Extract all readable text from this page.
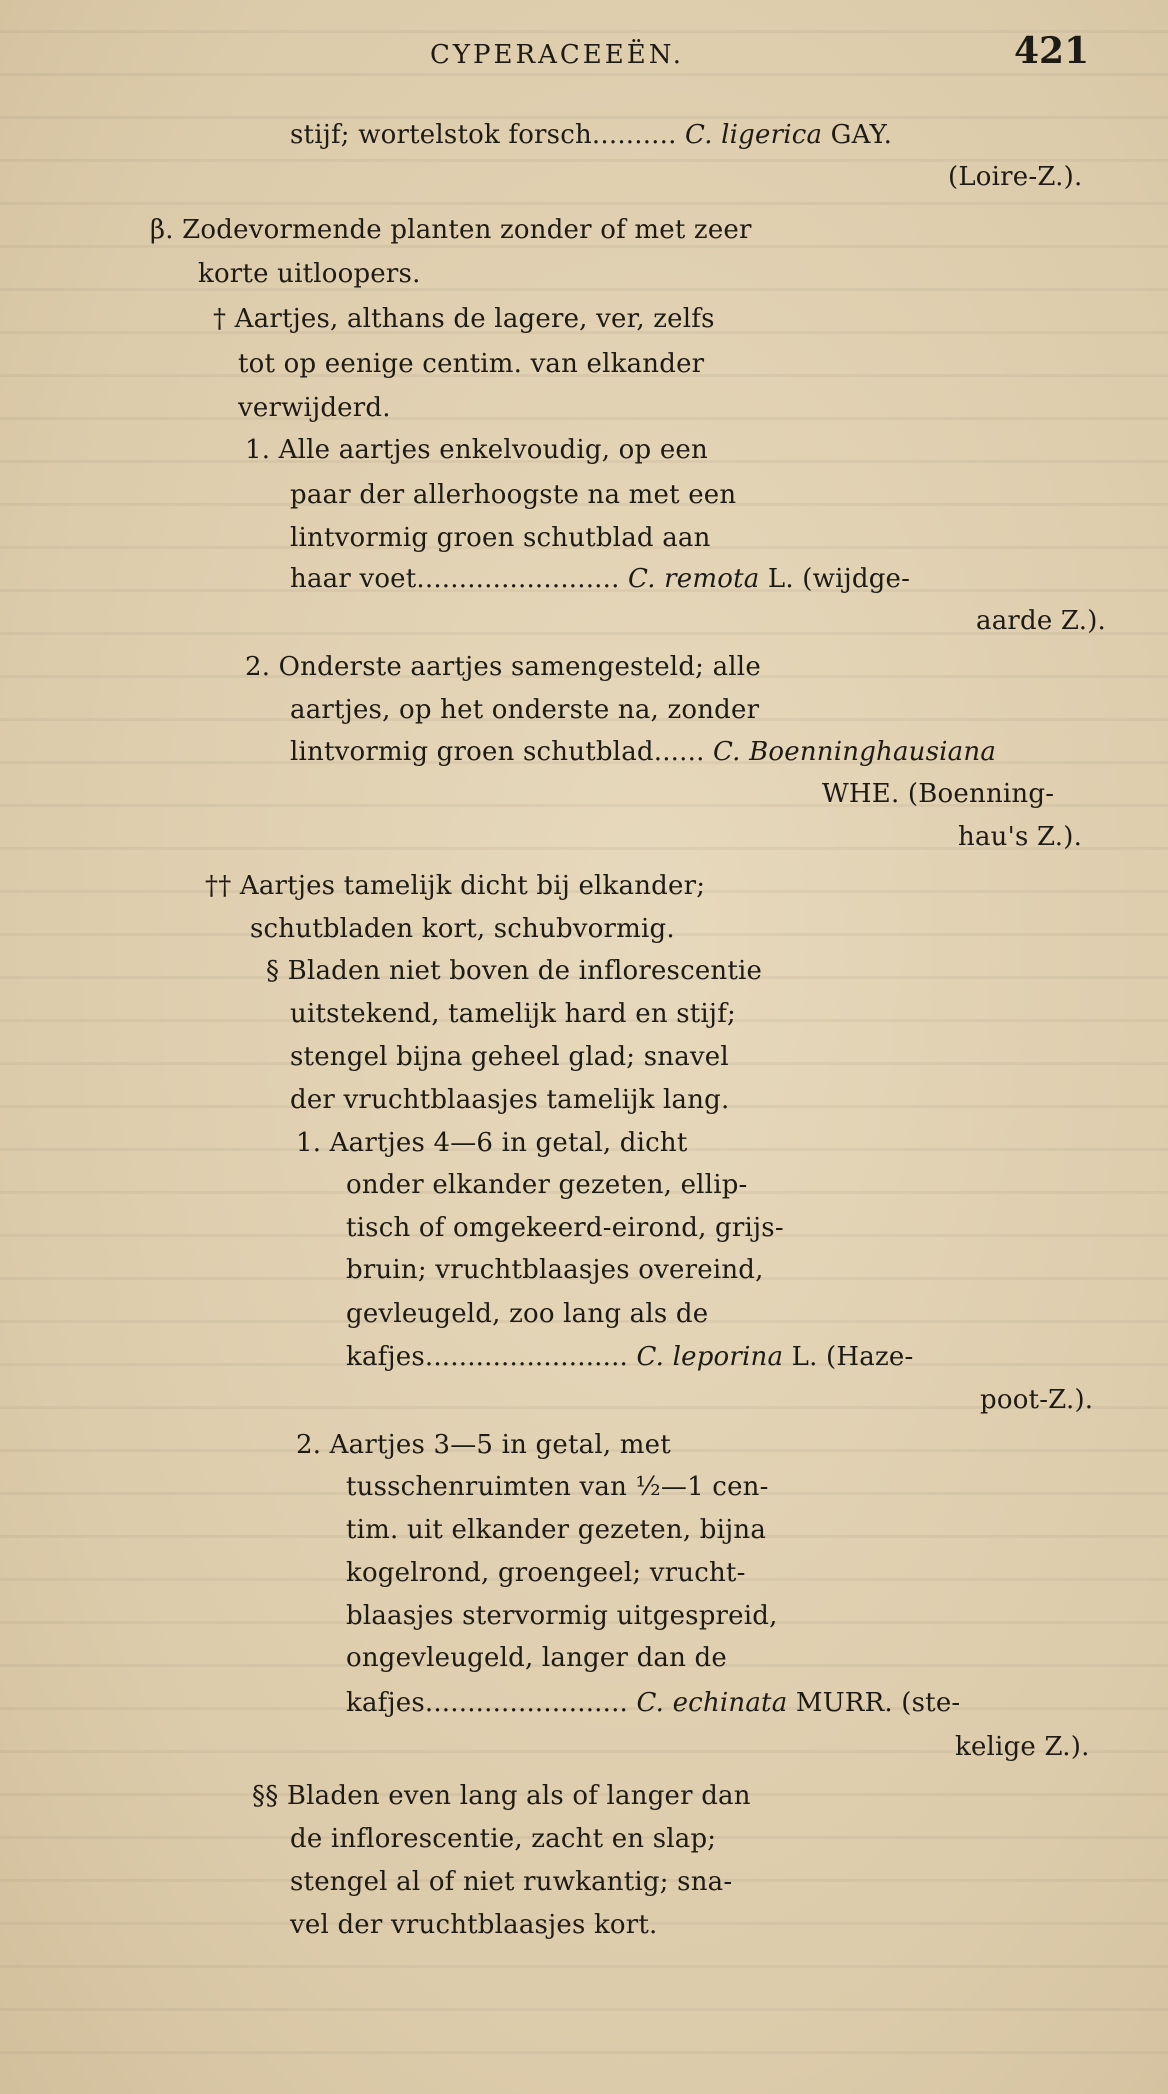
CYPERACEEËN.	421
stijf; wortelstok forsch.......... C. ligerica GAY.
(Loire-Z.).
β. Zodevormende planten zonder of met zeer
korte uitloopers.
† Aartjes, althans de lagere, ver, zelfs
tot op eenige centim. van elkander
verwijderd.
1. Alle aartjes enkelvoudig, op een
paar der allerhoogste na met een
lintvormig groen schutblad aan
haar voet........................ C. remota L. (wijdge-
aarde Z.).
2. Onderste aartjes samengesteld; alle
aartjes, op het onderste na, zonder
lintvormig groen schutblad...... C. Boenninghausiana
WHE. (Boenning-
hau's Z.).
†† Aartjes tamelijk dicht bij elkander;
schutbladen kort, schubvormig.
§ Bladen niet boven de inflorescentie
uitstekend, tamelijk hard en stijf;
stengel bijna geheel glad; snavel
der vruchtblaasjes tamelijk lang.
1. Aartjes 4—6 in getal, dicht
onder elkander gezeten, ellip-
tisch of omgekeerd-eirond, grijs-
bruin; vruchtblaasjes overeind,
gevleugeld, zoo lang als de
kafjes........................ C. leporina L. (Haze-
poot-Z.).
2. Aartjes 3—5 in getal, met
tusschenruimten van ½—1 cen-
tim. uit elkander gezeten, bijna
kogelrond, groengeel; vrucht-
blaasjes stervormig uitgespreid,
ongevleugeld, langer dan de
kafjes........................ C. echinata MURR. (ste-
kelige Z.).
§§ Bladen even lang als of langer dan
de inflorescentie, zacht en slap;
stengel al of niet ruwkantig; sna-
vel der vruchtblaasjes kort.
